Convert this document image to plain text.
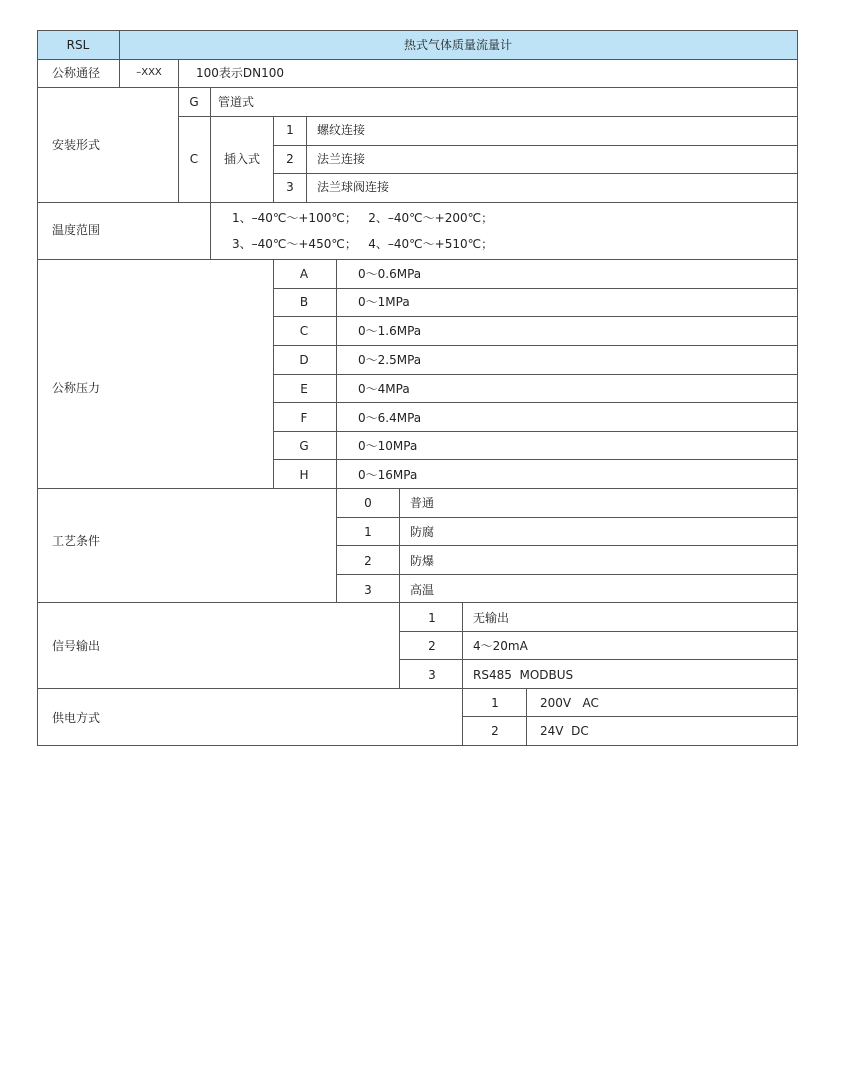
RSL	热式气体质量流量计
公称通径	–XXX	100表示DN100
安装形式
G 管道式
C 插入式
1 螺纹连接
2 法兰连接
3 法兰球阀连接
温度范围
1、–40℃～+100℃；   2、–40℃～+200℃；
3、–40℃～+450℃；   4、–40℃～+510℃；
公称压力
A	0～0.6MPa
B	0～1MPa
C	0～1.6MPa
D	0～2.5MPa
E	0～4MPa
F	0～6.4MPa
G	0～10MPa
H	0～16MPa
工艺条件
0	普通
1	防腐
2	防爆
3	高温
信号输出
1	无输出
2	4～20mA
3	RS485  MODBUS
供电方式
1	200V   AC
2	24V  DC
